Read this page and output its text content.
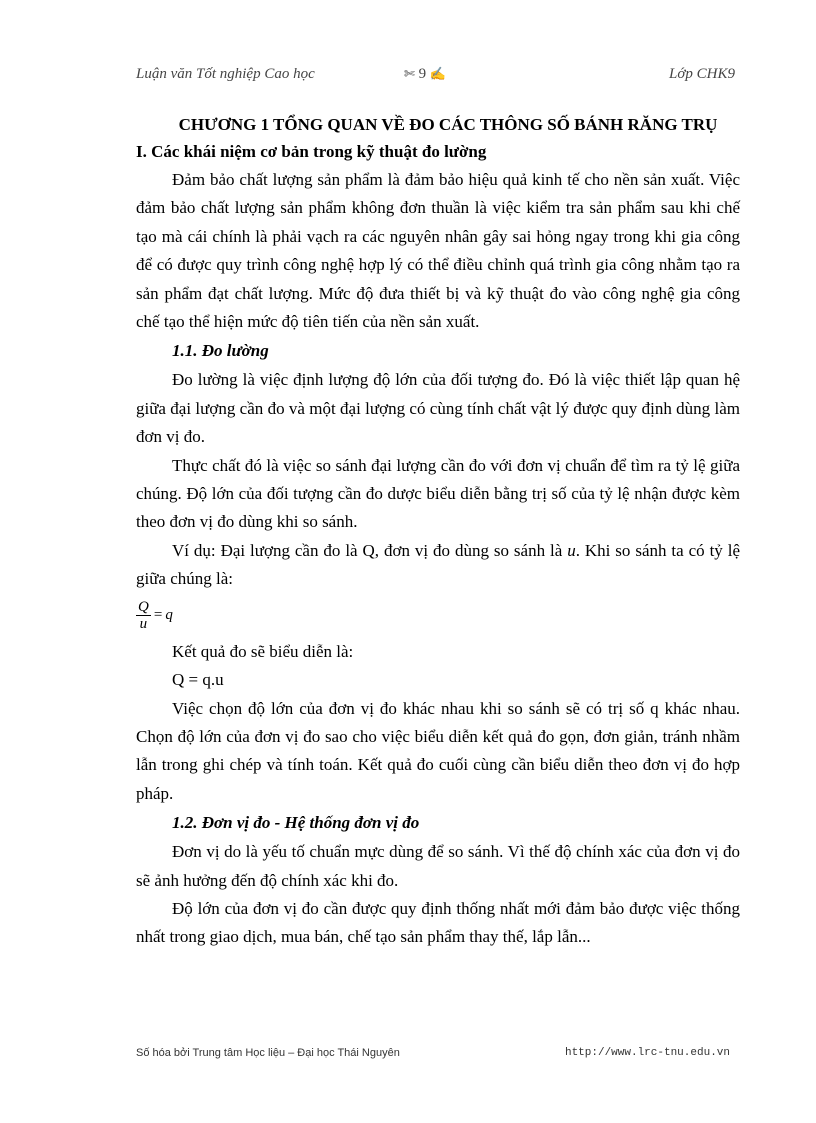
Luận văn Tốt nghiệp Cao học	✄ 9 ✍	Lớp CHK9

CHƯƠNG 1 TỔNG QUAN VỀ ĐO CÁC THÔNG SỐ BÁNH RĂNG TRỤ

I. Các khái niệm cơ bản trong kỹ thuật đo lường

Đảm bảo chất lượng sản phẩm là đảm bảo hiệu quả kinh tế cho nền sản xuất. Việc đảm bảo chất lượng sản phẩm không đơn thuần là việc kiểm tra sản phẩm sau khi chế tạo mà cái chính là phải vạch ra các nguyên nhân gây sai hỏng ngay trong khi gia công để có được quy trình công nghệ hợp lý có thể điều chỉnh quá trình gia công nhằm tạo ra sản phẩm đạt chất lượng. Mức độ đưa thiết bị và kỹ thuật đo vào công nghệ gia công chế tạo thể hiện mức độ tiên tiến của nền sản xuất.

1.1. Đo lường

Đo lường là việc định lượng độ lớn của đối tượng đo. Đó là việc thiết lập quan hệ giữa đại lượng cần đo và một đại lượng có cùng tính chất vật lý được quy định dùng làm đơn vị đo.

Thực chất đó là việc so sánh đại lượng cần đo với đơn vị chuẩn để tìm ra tỷ lệ giữa chúng. Độ lớn của đối tượng cần đo dược biểu diễn bằng trị số của tỷ lệ nhận được kèm theo đơn vị đo dùng khi so sánh.

Ví dụ: Đại lượng cần đo là Q, đơn vị đo dùng so sánh là u. Khi so sánh ta có tỷ lệ giữa chúng là:

$\frac{Q}{u} = q$

Kết quả đo sẽ biểu diễn là:

Q = q.u

Việc chọn độ lớn của đơn vị đo khác nhau khi so sánh sẽ có trị số q khác nhau. Chọn độ lớn của đơn vị đo sao cho việc biểu diễn kết quả đo gọn, đơn giản, tránh nhầm lẫn trong ghi chép và tính toán. Kết quả đo cuối cùng cần biểu diễn theo đơn vị đo hợp pháp.

1.2. Đơn vị đo - Hệ thống đơn vị đo

Đơn vị do là yếu tố chuẩn mực dùng để so sánh. Vì thế độ chính xác của đơn vị đo sẽ ảnh hưởng đến độ chính xác khi đo.

Độ lớn của đơn vị đo cần được quy định thống nhất mới đảm bảo được việc thống nhất trong giao dịch, mua bán, chế tạo sản phẩm thay thế, lắp lẫn...

Số hóa bởi Trung tâm Học liệu – Đại học Thái Nguyên	http://www.lrc-tnu.edu.vn
